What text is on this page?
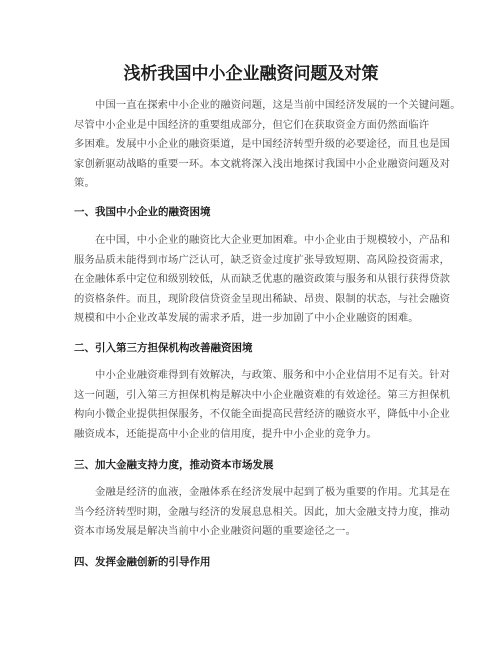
浅析我国中小企业融资问题及对策

中国一直在探索中小企业的融资问题，这是当前中国经济发展的一个关键问题。
尽管中小企业是中国经济的重要组成部分，但它们在获取资金方面仍然面临许
多困难。发展中小企业的融资渠道，是中国经济转型升级的必要途径，而且也是国
家创新驱动战略的重要一环。本文就将深入浅出地探讨我国中小企业融资问题及对
策。

一、我国中小企业的融资困境

在中国，中小企业的融资比大企业更加困难。中小企业由于规模较小，产品和
服务品质未能得到市场广泛认可，缺乏资金过度扩张导致短期、高风险投资需求，
在金融体系中定位和级别较低，从而缺乏优惠的融资政策与服务和从银行获得贷款
的资格条件。而且，现阶段信贷资金呈现出稀缺、昂贵、限制的状态，与社会融资
规模和中小企业改革发展的需求矛盾，进一步加剧了中小企业融资的困难。

二、引入第三方担保机构改善融资困境

中小企业融资难得到有效解决，与政策、服务和中小企业信用不足有关。针对
这一问题，引入第三方担保机构是解决中小企业融资难的有效途径。第三方担保机
构向小微企业提供担保服务，不仅能全面提高民营经济的融资水平，降低中小企业
融资成本，还能提高中小企业的信用度，提升中小企业的竞争力。

三、加大金融支持力度，推动资本市场发展

金融是经济的血液，金融体系在经济发展中起到了极为重要的作用。尤其是在
当今经济转型时期，金融与经济的发展息息相关。因此，加大金融支持力度，推动
资本市场发展是解决当前中小企业融资问题的重要途径之一。

四、发挥金融创新的引导作用
